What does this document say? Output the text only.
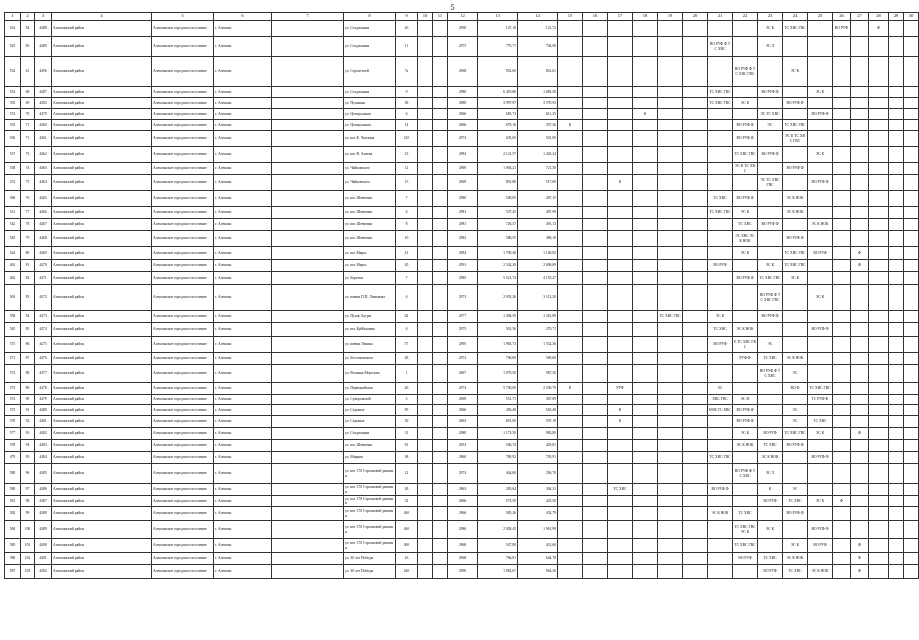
5
1	2	3	4	5	6	7	8	9	10	11	12	13	14	15	16	17	18	19	20	21	22	23	24	25	26	27	28	29	30
524	84	4488	Алексинский район	Алексинское городское поселение	г. Алексин		ул. Стадионная	4б			2990	147,10	121,72									ЭС К	ТС ХВС ГВС		ВО РУФ		Ф		
525	85	4489	Алексинский район	Алексинское городское поселение	г. Алексин		ул. Стадионная	11			2975	770,71	704,90							ВО РУФ Ф ТС ХВС		ЭС Л							
532	61	4496	Алексинский район	Алексинское городское поселение	г. Алексин		ул. Строителей	7а			2968	952,60	841,61								ВО РУФ Ф ТС ХВС ГВС		ЭС К						
533	68	4487	Алексинский район	Алексинское городское поселение	г. Алексин		ул. Стадионная	9			2980	6 419,86	1 065,58							ТС ХВС ГВС		ВО РУФ Ф		ЭС К					
535	69	4492	Алексинский район	Алексинское городское поселение	г. Алексин		ул. Пушкина	38			2980	3 997,97	3 570,93							ТС ХВС ГВС	ЭС К		ВО РУФ Ф						
574	70	4479	Алексинский район	Алексинское городское поселение	г. Алексин		ул. Центральная	6			2966	683,73	611,35				К					ЭС ТС ХВС		ВО РУФ Ф					
535	71	4460	Алексинский район	Алексинское городское поселение	г. Алексин		ул. Центральная	14			2966	679,16	357,26	К							ВО РУФ Ф	ЭС	ТС ХВС ГВС						
536	71	4461	Алексинский район	Алексинское городское поселение	г. Алексин		ул. им. К. Чаплина	21б			2974	635,65	501,00								ВО РУФ Ф		ЭС К ТС ХВС ГВС						
537	73	4462	Алексинский район	Алексинское городское поселение	г. Алексин		ул. им. В. Алиева	23			2984	2 121,57	1 445,24								ТС ХВС ГВС	ВО РУФ Ф		ЭС К					
538	74	4463	Алексинский район	Алексинское городское поселение	г. Алексин		ул. Чайковского	12			2969	1 004,21	721,50								ЭС К ТС ХВС		ВО РУФ Ф						
474	75	4464	Алексинский район	Алексинское городское поселение	г. Алексин		ул. Чайковского	15			2969	891,80	517,60			К						ЭС ТС ХВС ГВС		ВО РУФ Ф					
566	76	4465	Алексинский район	Алексинское городское поселение	г. Алексин		ул. им. Шевченко	7			2980	549,05	497,15							ТС ХВС	ВО РУФ Ф		ЭС К НОК						
512	77	4466	Алексинский район	Алексинское городское поселение	г. Алексин		ул. им. Шевченко	6			2981	537,45	497,99							ТС ХВС ГВС	ЭС К		ЭС К НОК						
542	78	4467	Алексинский район	Алексинское городское поселение	г. Алексин		ул. им. Шевченко	8			2981	726,57	491,13								ТС ХВС	ВО РУФ Ф		ЭС К НОК					
545	79	4468	Алексинский район	Алексинское городское поселение	г. Алексин		ул. им. Шевченко	10			2982	586,55	496,10								ЭС ХВС ЭС К НОК		ВО РУФ Ф						
544	80	4469	Алексинский район	Алексинское городское поселение	г. Алексин		ул. им. Маркс	41			2984	1 709,40	1 140,82								ЭС К		ТС ХВС ГВС	ВО РУФ		Ф			
461	81	4470	Алексинский район	Алексинское городское поселение	г. Алексин		ул. им. Маркс	45			2991	2 542,20	2 009,69							ВО РУФ		ЭС К	ТС ХВС ГВС			Ф			
462	82	4471	Алексинский район	Алексинское городское поселение	г. Алексин		ул. Березки	7			2985	5 521,74	4 155,27								ВО РУФ Ф	ТС ХВС ГВС	ЭС К						
563	83	4472	Алексинский район	Алексинское городское поселение	г. Алексин		ул. имени П.П. Лиманова	6			2973	2 935,26	3 112,20									ВО РУФ Ф ТС ХВС ГВС		ЭС К					
558	84	4473	Алексинский район	Алексинское городское поселение	г. Алексин		ул. Пушк. Бугры	62			2977	1 494,59	1 361,89					ТС ХВС ГВС		ЭС К		ВО РУФ Ф							
545	85	4474	Алексинский район	Алексинское городское поселение	г. Алексин		ул. им. Куйбышева	6			2975	501,56	270,71							ТС ХВС	ЭС К НОК			ВО РУФ Ф					
575	86	4475	Алексинский район	Алексинское городское поселение	г. Алексин		ул. имени Ленина	57			2995	1 965,73	1 532,36							ВО РУФ	Е ТС ХВС ГВС	ЭС							
571	87	4476	Алексинский район	Алексинское городское поселение	г. Алексин		ул. Бессоновского	28			2972	706,00	569,60								РУФ/Ф	ТС ХВС	ЭС К НОК						
572	88	4477	Алексинский район	Алексинское городское поселение	г. Алексин		ул. Воланка Морозова	1			2967	1 079,50	987,20									ВО РУФ Ф ТС ХВС	ЭС						
573	89	4478	Алексинский район	Алексинское городское поселение	г. Алексин		ул. Первомайская	40			2974	5 730,00	2 550,79	К		РУФ				ЭС			ВО Ф	ТС ХВС ГВС					
574	90	4479	Алексинский район	Алексинское городское поселение	г. Алексин		ул. Суворовской	3			2969	551,71	367,09							ХВС ГВС	ЭС Ф			ТС РУФ Ф					
575	91	4480	Алексинский район	Алексинское городское поселение	г. Алексин		ул. Седьмые	85			2966	456,40	565,40			К				НОК ТС ХВС	ВО РУФ Ф		ЭС						
576	92	4481	Алексинский район	Алексинское городское поселение	г. Алексин		ул. Седьмые	30			2963	691,00	597,19			К					ВО РУФ Ф		ЭС	ТС ХВС					
577	93	4482	Алексинский район	Алексинское городское поселение	г. Алексин		ул. Стадионная	31			2980	1 173,50	983,80								ЭС К	ВО РУФ	ТС ХВС ГВС	ЭС К		Ф			
578	94	4483	Алексинский район	Алексинское городское поселение	г. Алексин		ул. им. Шевченко	81			2953	546,74	429,81								ЭС К НОК	ТС ХВС	ВО РУФ Ф						
479	95	4484	Алексинский район	Алексинское городское поселение	г. Алексин		ул. Мирная	38			2960	780,92	705,91							ТС ХВС ГВС		ЭС К НОК		ВО РУФ Ф					
580	96	4485	Алексинский район	Алексинское городское поселение	г. Алексин		ул. им. 370 Стрелковой дивизии	12			2974	444,60	356,70								ВО РУФ Ф ТС ХВС	ЭС Л							
580	97	4486	Алексинский район	Алексинское городское поселение	г. Алексин		ул. им. 370 Стрелковой дивизии	28			2963	395,64	304,31			ТС ХВС				ВО РУФ Ф		К	ЭС						
581	98	4487	Алексинский район	Алексинское городское поселение	г. Алексин		ул. им. 370 Стрелковой дивизии	52			2966	573,59	425,50									ВО РУФ	ТС ХВС	ЭС К	Ф				
582	99	4488	Алексинский район	Алексинское городское поселение	г. Алексин		ул. им. 370 Стрелковой дивизии	26б			2966	585,26	432,79							ЭС К НОК	ТС ХВС		ВО РУФ Ф						
584	100	4489	Алексинский район	Алексинское городское поселение	г. Алексин		ул. им. 370 Стрелковой дивизии	26б			2986	2 928,45	1 961,99								ТС ХВС ГВС ЭС К	ЭС К		ВО РУФ Ф					
585	101	4490	Алексинский район	Алексинское городское поселение	г. Алексин		ул. им. 370 Стрелковой дивизии	30б			2968	547,80	421,60								ТС ХВС ГВС		ЭС К	ВО РУФ		Ф			
586	102	4491	Алексинский район	Алексинское городское поселение	г. Алексин		ул. 30 лет Победы	16			2968	766,81	644,78								ВО РУФ	ТС ХВС	ЭС К НОК			Ф			
587	103	4492	Алексинский район	Алексинское городское поселение	г. Алексин		ул. 30 лет Победы	24б			2990	1 882,67	964,20									ВО РУФ	ТС ХВС	ЭС К НОК		Ф			
